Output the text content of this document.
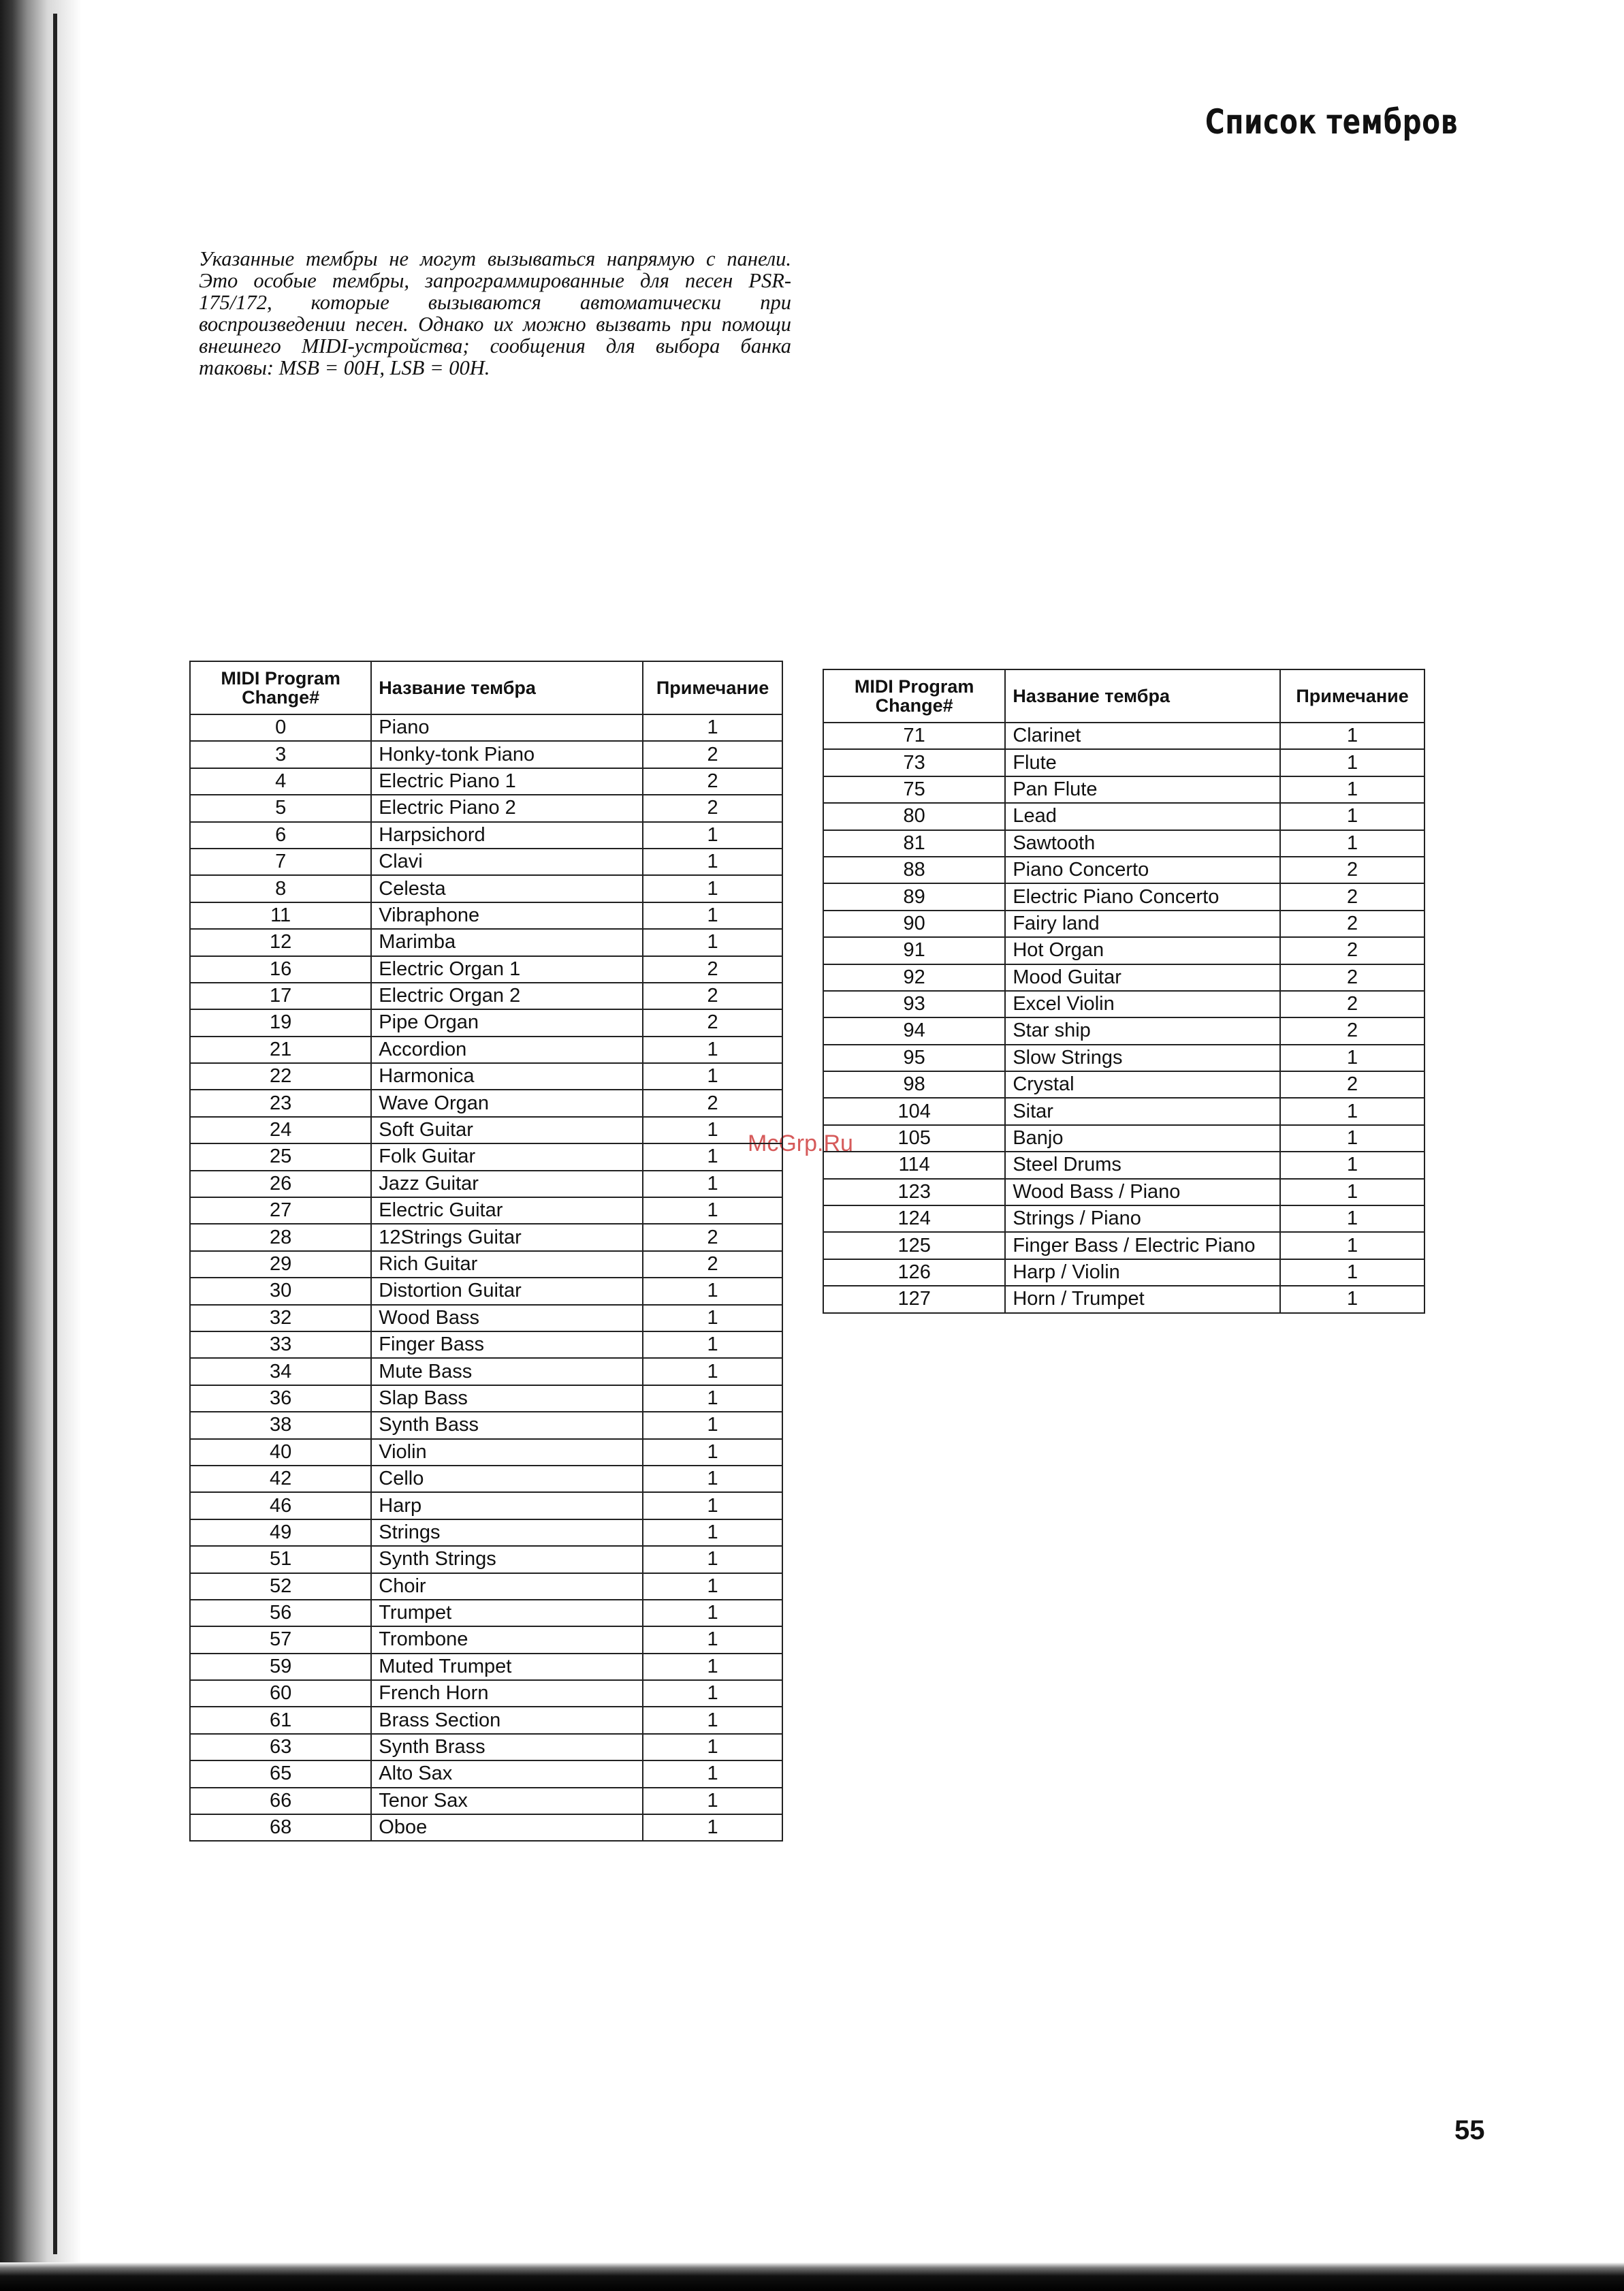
Список тембров
Указанные тембры не могут вызываться напрямую с панели. Это особые тембры, запрограммированные для песен PSR-175/172, которые вызываются автоматически при воспроизведении песен. Однако их можно вызвать при помощи внешнего MIDI-устройства; сообщения для выбора банка таковы: MSB = 00H, LSB = 00H.
McGrp.Ru
MIDI Program
Change#	Название тембра	Примечание
0	Piano	1
3	Honky-tonk Piano	2
4	Electric Piano 1	2
5	Electric Piano 2	2
6	Harpsichord	1
7	Clavi	1
8	Celesta	1
11	Vibraphone	1
12	Marimba	1
16	Electric Organ 1	2
17	Electric Organ 2	2
19	Pipe Organ	2
21	Accordion	1
22	Harmonica	1
23	Wave Organ	2
24	Soft Guitar	1
25	Folk Guitar	1
26	Jazz Guitar	1
27	Electric Guitar	1
28	12Strings Guitar	2
29	Rich Guitar	2
30	Distortion Guitar	1
32	Wood Bass	1
33	Finger Bass	1
34	Mute Bass	1
36	Slap Bass	1
38	Synth Bass	1
40	Violin	1
42	Cello	1
46	Harp	1
49	Strings	1
51	Synth Strings	1
52	Choir	1
56	Trumpet	1
57	Trombone	1
59	Muted Trumpet	1
60	French Horn	1
61	Brass Section	1
63	Synth Brass	1
65	Alto Sax	1
66	Tenor Sax	1
68	Oboe	1
MIDI Program
Change#	Название тембра	Примечание
71	Clarinet	1
73	Flute	1
75	Pan Flute	1
80	Lead	1
81	Sawtooth	1
88	Piano Concerto	2
89	Electric Piano Concerto	2
90	Fairy land	2
91	Hot Organ	2
92	Mood Guitar	2
93	Excel Violin	2
94	Star ship	2
95	Slow Strings	1
98	Crystal	2
104	Sitar	1
105	Banjo	1
114	Steel Drums	1
123	Wood Bass / Piano	1
124	Strings / Piano	1
125	Finger Bass / Electric Piano	1
126	Harp / Violin	1
127	Horn / Trumpet	1
55
